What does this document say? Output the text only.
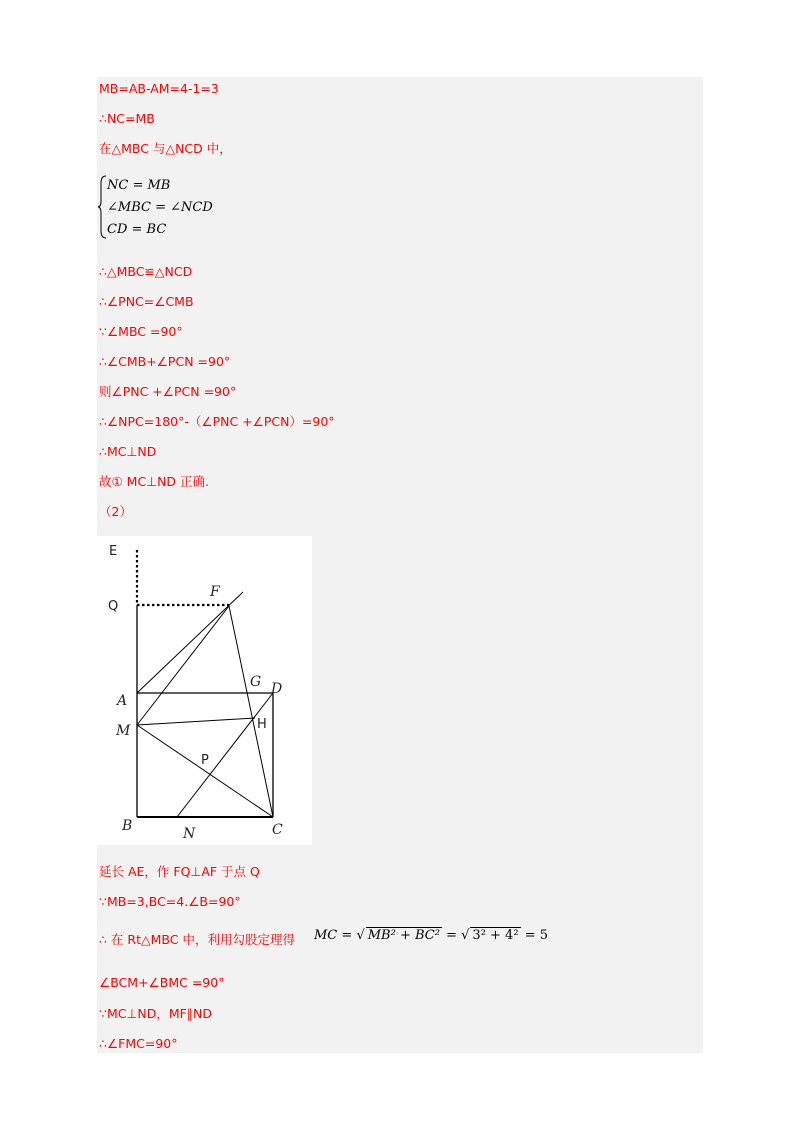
MB=AB-AM=4-1=3
∴NC=MB
在△MBC 与△NCD 中，
NC = MB
∠MBC = ∠NCD
CD = BC
∴△MBC≌△NCD
∴∠PNC=∠CMB
∵∠MBC =90°
∴∠CMB+∠PCN =90°
则∠PNC +∠PCN =90°
∴∠NPC=180°-（∠PNC +∠PCN）=90°
∴MC⊥ND
故① MC⊥ND 正确.
（2）
E
Q
F
A
G D
M	H
P
B	N	C
延长 AE，作 FQ⊥AF 于点 Q
∵MB=3,BC=4.∠B=90°
∴ 在 Rt△MBC 中，利用勾股定理得 MC = √ MB² + BC² = √ 3² + 4² = 5
∠BCM+∠BMC =90°
∵MC⊥ND，MF∥ND
∴∠FMC=90°
